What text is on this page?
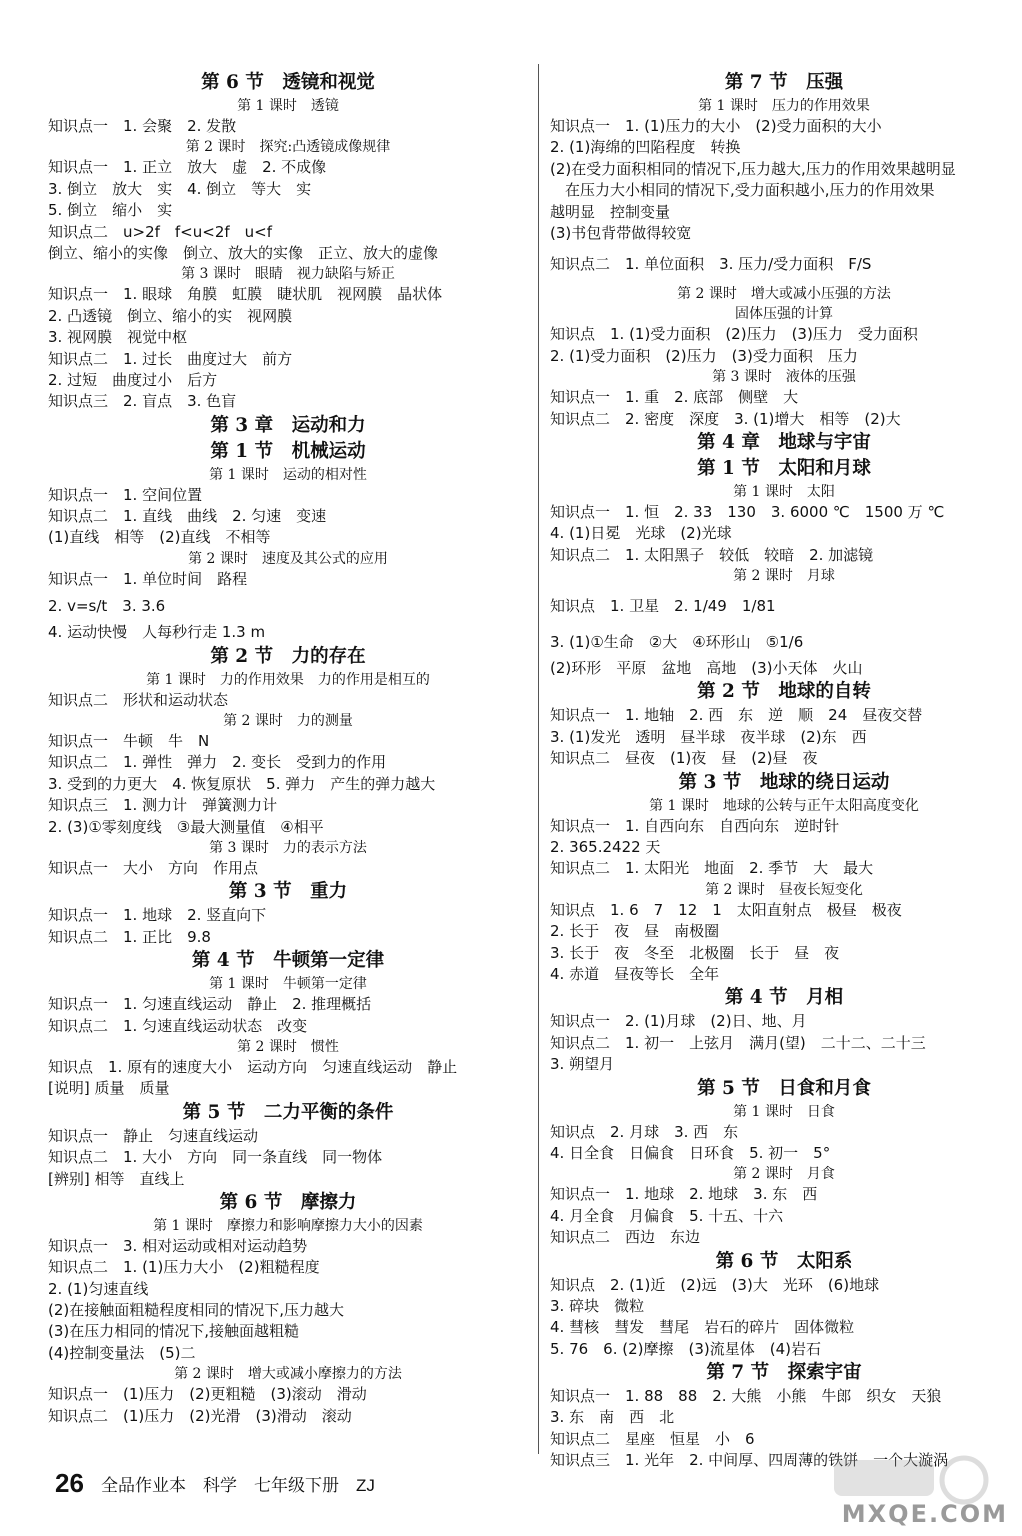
第 6 节　透镜和视觉
第 1 课时　透镜
知识点一　1. 会聚　2. 发散
第 2 课时　探究:凸透镜成像规律
知识点一　1. 正立　放大　虚　2. 不成像
3. 倒立　放大　实　4. 倒立　等大　实
5. 倒立　缩小　实
知识点二　u>2f　f<u<2f　u<f
倒立、缩小的实像　倒立、放大的实像　正立、放大的虚像
第 3 课时　眼睛　视力缺陷与矫正
知识点一　1. 眼球　角膜　虹膜　睫状肌　视网膜　晶状体
2. 凸透镜　倒立、缩小的实　视网膜
3. 视网膜　视觉中枢
知识点二　1. 过长　曲度过大　前方
2. 过短　曲度过小　后方
知识点三　2. 盲点　3. 色盲
第 3 章　运动和力
第 1 节　机械运动
第 1 课时　运动的相对性
知识点一　1. 空间位置
知识点二　1. 直线　曲线　2. 匀速　变速
(1)直线　相等　(2)直线　不相等
第 2 课时　速度及其公式的应用
知识点一　1. 单位时间　路程
2. v=s/t　3. 3.6
4. 运动快慢　人每秒行走 1.3 m
第 2 节　力的存在
第 1 课时　力的作用效果　力的作用是相互的
知识点二　形状和运动状态
第 2 课时　力的测量
知识点一　牛顿　牛　N
知识点二　1. 弹性　弹力　2. 变长　受到力的作用
3. 受到的力更大　4. 恢复原状　5. 弹力　产生的弹力越大
知识点三　1. 测力计　弹簧测力计
2. (3)①零刻度线　③最大测量值　④相平
第 3 课时　力的表示方法
知识点一　大小　方向　作用点
第 3 节　重力
知识点一　1. 地球　2. 竖直向下
知识点二　1. 正比　9.8
第 4 节　牛顿第一定律
第 1 课时　牛顿第一定律
知识点一　1. 匀速直线运动　静止　2. 推理概括
知识点二　1. 匀速直线运动状态　改变
第 2 课时　惯性
知识点　1. 原有的速度大小　运动方向　匀速直线运动　静止
[说明] 质量　质量
第 5 节　二力平衡的条件
知识点一　静止　匀速直线运动
知识点二　1. 大小　方向　同一条直线　同一物体
[辨别] 相等　直线上
第 6 节　摩擦力
第 1 课时　摩擦力和影响摩擦力大小的因素
知识点一　3. 相对运动或相对运动趋势
知识点二　1. (1)压力大小　(2)粗糙程度
2. (1)匀速直线
(2)在接触面粗糙程度相同的情况下,压力越大
(3)在压力相同的情况下,接触面越粗糙
(4)控制变量法　(5)二
第 2 课时　增大或减小摩擦力的方法
知识点一　(1)压力　(2)更粗糙　(3)滚动　滑动
知识点二　(1)压力　(2)光滑　(3)滑动　滚动
第 7 节　压强
第 1 课时　压力的作用效果
知识点一　1. (1)压力的大小　(2)受力面积的大小
2. (1)海绵的凹陷程度　转换
(2)在受力面积相同的情况下,压力越大,压力的作用效果越明显
　在压力大小相同的情况下,受力面积越小,压力的作用效果
越明显　控制变量
(3)书包背带做得较宽
知识点二　1. 单位面积　3. 压力/受力面积　F/S
第 2 课时　增大或减小压强的方法
固体压强的计算
知识点　1. (1)受力面积　(2)压力　(3)压力　受力面积
2. (1)受力面积　(2)压力　(3)受力面积　压力
第 3 课时　液体的压强
知识点一　1. 重　2. 底部　侧壁　大
知识点二　2. 密度　深度　3. (1)增大　相等　(2)大
第 4 章　地球与宇宙
第 1 节　太阳和月球
第 1 课时　太阳
知识点一　1. 恒　2. 33　130　3. 6000 ℃　1500 万 ℃
4. (1)日冕　光球　(2)光球
知识点二　1. 太阳黑子　较低　较暗　2. 加滤镜
第 2 课时　月球
知识点　1. 卫星　2. 1/49　1/81
3. (1)①生命　②大　④环形山　⑤1/6
(2)环形　平原　盆地　高地　(3)小天体　火山
第 2 节　地球的自转
知识点一　1. 地轴　2. 西　东　逆　顺　24　昼夜交替
3. (1)发光　透明　昼半球　夜半球　(2)东　西
知识点二　昼夜　(1)夜　昼　(2)昼　夜
第 3 节　地球的绕日运动
第 1 课时　地球的公转与正午太阳高度变化
知识点一　1. 自西向东　自西向东　逆时针
2. 365.2422 天
知识点二　1. 太阳光　地面　2. 季节　大　最大
第 2 课时　昼夜长短变化
知识点　1. 6　7　12　1　太阳直射点　极昼　极夜
2. 长于　夜　昼　南极圈
3. 长于　夜　冬至　北极圈　长于　昼　夜
4. 赤道　昼夜等长　全年
第 4 节　月相
知识点一　2. (1)月球　(2)日、地、月
知识点二　1. 初一　上弦月　满月(望)　二十二、二十三
3. 朔望月
第 5 节　日食和月食
第 1 课时　日食
知识点　2. 月球　3. 西　东
4. 日全食　日偏食　日环食　5. 初一　5°
第 2 课时　月食
知识点一　1. 地球　2. 地球　3. 东　西
4. 月全食　月偏食　5. 十五、十六
知识点二　西边　东边
第 6 节　太阳系
知识点　2. (1)近　(2)远　(3)大　光环　(6)地球
3. 碎块　微粒
4. 彗核　彗发　彗尾　岩石的碎片　固体微粒
5. 76　6. (2)摩擦　(3)流星体　(4)岩石
第 7 节　探索宇宙
知识点一　1. 88　88　2. 大熊　小熊　牛郎　织女　天狼
3. 东　南　西　北
知识点二　星座　恒星　小　6
知识点三　1. 光年　2. 中间厚、四周薄的铁饼　一个大漩涡
26 全品作业本　科学　七年级下册　ZJ
MXQE.COM
